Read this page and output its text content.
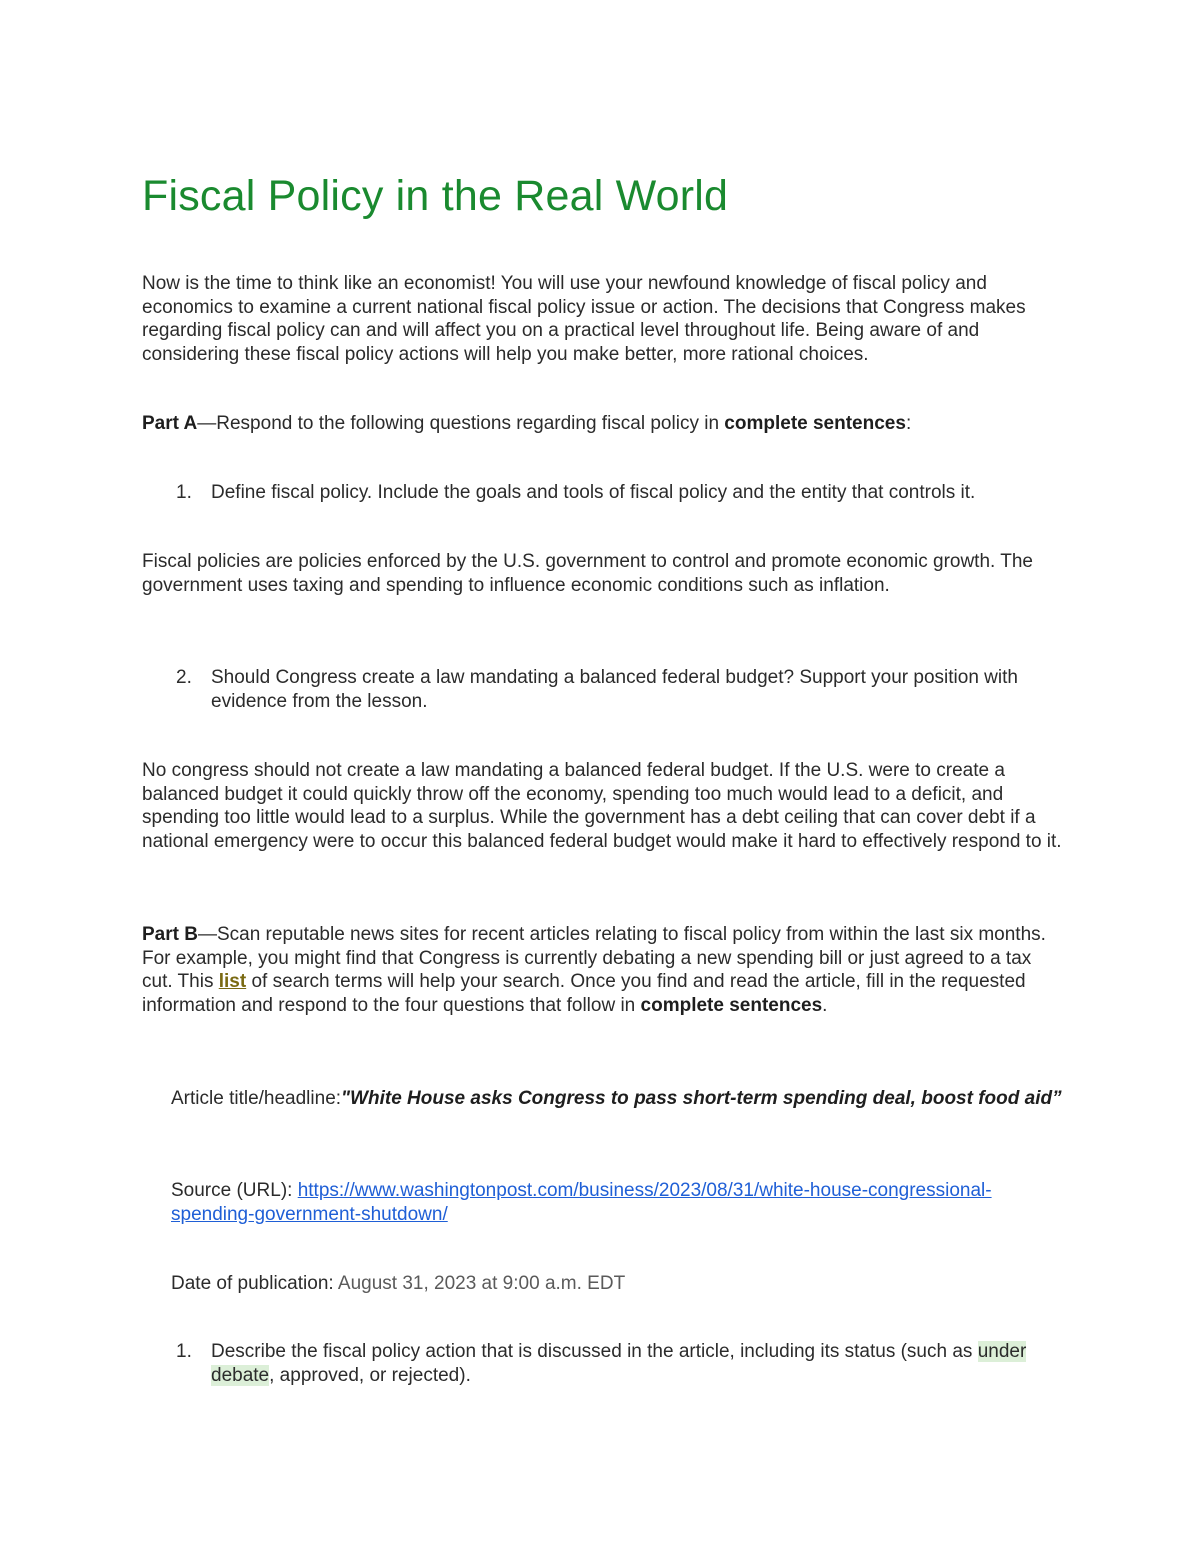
Fiscal Policy in the Real World

Now is the time to think like an economist! You will use your newfound knowledge of fiscal policy and economics to examine a current national fiscal policy issue or action. The decisions that Congress makes regarding fiscal policy can and will affect you on a practical level throughout life. Being aware of and considering these fiscal policy actions will help you make better, more rational choices.

Part A—Respond to the following questions regarding fiscal policy in complete sentences:

1. Define fiscal policy. Include the goals and tools of fiscal policy and the entity that controls it.

Fiscal policies are policies enforced by the U.S. government to control and promote economic growth. The government uses taxing and spending to influence economic conditions such as inflation.

2. Should Congress create a law mandating a balanced federal budget? Support your position with evidence from the lesson.

No congress should not create a law mandating a balanced federal budget. If the U.S. were to create a balanced budget it could quickly throw off the economy, spending too much would lead to a deficit, and spending too little would lead to a surplus. While the government has a debt ceiling that can cover debt if a national emergency were to occur this balanced federal budget would make it hard to effectively respond to it.

Part B—Scan reputable news sites for recent articles relating to fiscal policy from within the last six months. For example, you might find that Congress is currently debating a new spending bill or just agreed to a tax cut. This list of search terms will help your search. Once you find and read the article, fill in the requested information and respond to the four questions that follow in complete sentences.

Article title/headline:"White House asks Congress to pass short-term spending deal, boost food aid”

Source (URL): https://www.washingtonpost.com/business/2023/08/31/white-house-congressional-spending-government-shutdown/

Date of publication: August 31, 2023 at 9:00 a.m. EDT

1. Describe the fiscal policy action that is discussed in the article, including its status (such as under debate, approved, or rejected).
